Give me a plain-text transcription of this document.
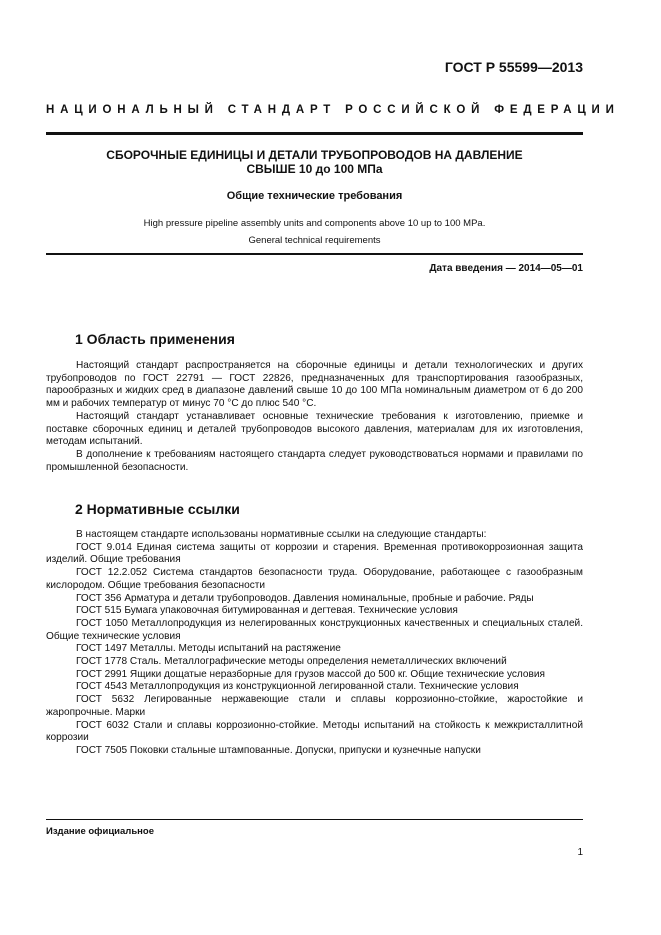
ГОСТ Р 55599—2013
НАЦИОНАЛЬНЫЙ СТАНДАРТ РОССИЙСКОЙ ФЕДЕРАЦИИ
СБОРОЧНЫЕ ЕДИНИЦЫ И ДЕТАЛИ ТРУБОПРОВОДОВ НА ДАВЛЕНИЕ
СВЫШЕ 10 до 100 МПа
Общие технические требования
High pressure pipeline assembly units and components above 10 up to 100 MPa.
General technical requirements
Дата введения — 2014—05—01
1 Область применения

Настоящий стандарт распространяется на сборочные единицы и детали технологических и других трубопроводов по ГОСТ 22791 — ГОСТ 22826, предназначенных для транспортирования газообразных, парообразных и жидких сред в диапазоне давлений свыше 10 до 100 МПа номинальным диаметром от 6 до 200 мм и рабочих температур от минус 70 °С до плюс 540 °С.

Настоящий стандарт устанавливает основные технические требования к изготовлению, приемке и поставке сборочных единиц и деталей трубопроводов высокого давления, материалам для их изготовления, методам испытаний.

В дополнение к требованиям настоящего стандарта следует руководствоваться нормами и правилами по промышленной безопасности.

2 Нормативные ссылки

В настоящем стандарте использованы нормативные ссылки на следующие стандарты:

ГОСТ 9.014 Единая система защиты от коррозии и старения. Временная противокоррозионная защита изделий. Общие требования

ГОСТ 12.2.052 Система стандартов безопасности труда. Оборудование, работающее с газообразным кислородом. Общие требования безопасности

ГОСТ 356 Арматура и детали трубопроводов. Давления номинальные, пробные и рабочие. Ряды

ГОСТ 515 Бумага упаковочная битумированная и дегтевая. Технические условия

ГОСТ 1050 Металлопродукция из нелегированных конструкционных качественных и специальных сталей. Общие технические условия

ГОСТ 1497 Металлы. Методы испытаний на растяжение

ГОСТ 1778 Сталь. Металлографические методы определения неметаллических включений

ГОСТ 2991 Ящики дощатые неразборные для грузов массой до 500 кг. Общие технические условия

ГОСТ 4543 Металлопродукция из конструкционной легированной стали. Технические условия

ГОСТ 5632 Легированные нержавеющие стали и сплавы коррозионно-стойкие, жаростойкие и жаропрочные. Марки

ГОСТ 6032 Стали и сплавы коррозионно-стойкие. Методы испытаний на стойкость к межкристаллитной коррозии

ГОСТ 7505 Поковки стальные штампованные. Допуски, припуски и кузнечные напуски

Издание официальное
1
